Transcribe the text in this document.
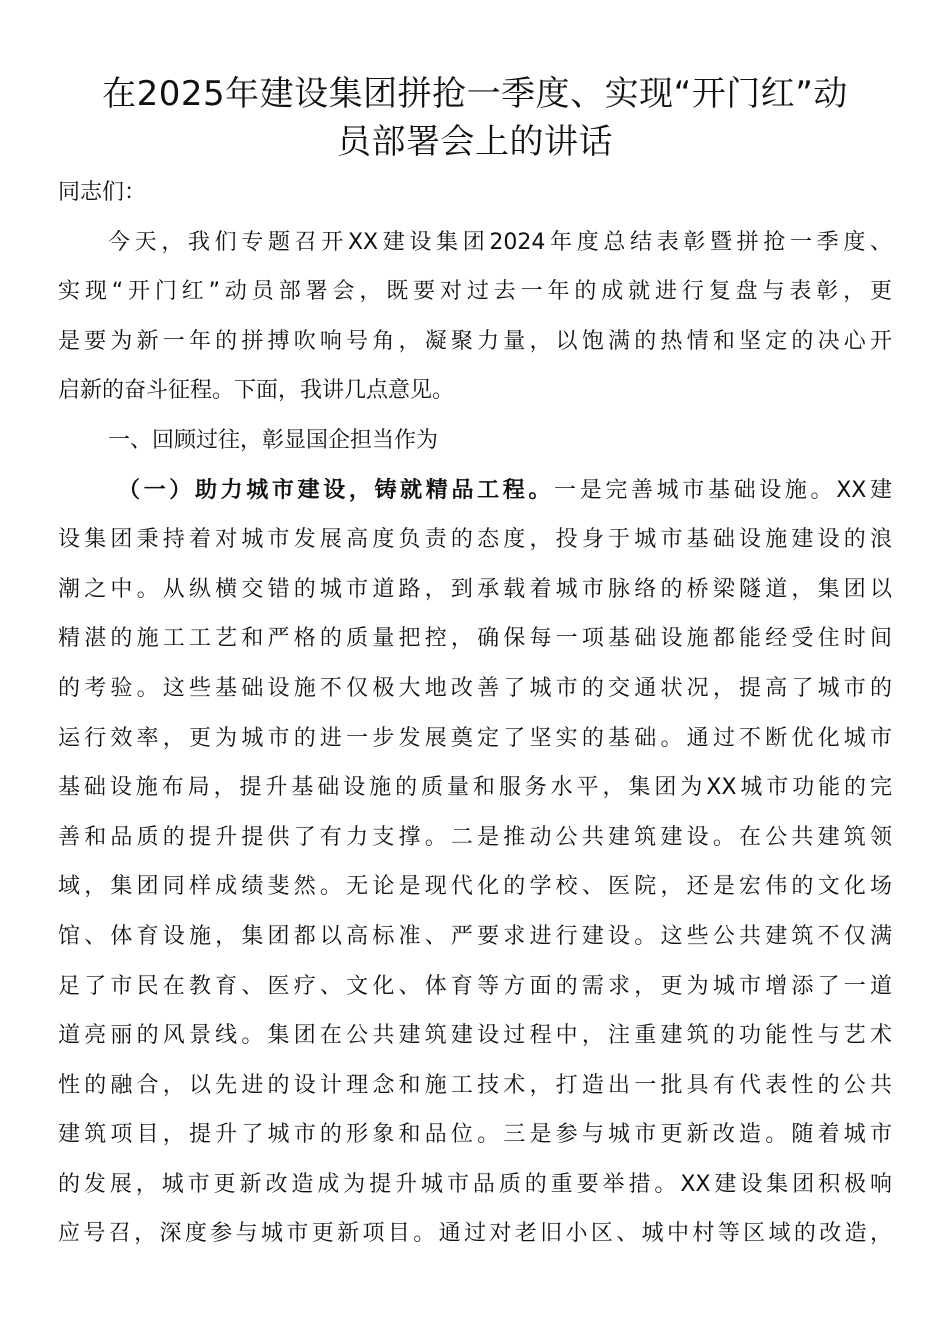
在2025年建设集团拼抢一季度、实现“开门红”动
员部署会上的讲话

同志们：

今天，我们专题召开XX建设集团2024年度总结表彰暨拼抢一季度、

实现“开门红”动员部署会，既要对过去一年的成就进行复盘与表彰，更

是要为新一年的拼搏吹响号角，凝聚力量，以饱满的热情和坚定的决心开

启新的奋斗征程。下面，我讲几点意见。

一、回顾过往，彰显国企担当作为

（一）助力城市建设，铸就精品工程。一是完善城市基础设施。XX建

设集团秉持着对城市发展高度负责的态度，投身于城市基础设施建设的浪

潮之中。从纵横交错的城市道路，到承载着城市脉络的桥梁隧道，集团以

精湛的施工工艺和严格的质量把控，确保每一项基础设施都能经受住时间

的考验。这些基础设施不仅极大地改善了城市的交通状况，提高了城市的

运行效率，更为城市的进一步发展奠定了坚实的基础。通过不断优化城市

基础设施布局，提升基础设施的质量和服务水平，集团为XX城市功能的完

善和品质的提升提供了有力支撑。二是推动公共建筑建设。在公共建筑领

域，集团同样成绩斐然。无论是现代化的学校、医院，还是宏伟的文化场

馆、体育设施，集团都以高标准、严要求进行建设。这些公共建筑不仅满

足了市民在教育、医疗、文化、体育等方面的需求，更为城市增添了一道

道亮丽的风景线。集团在公共建筑建设过程中，注重建筑的功能性与艺术

性的融合，以先进的设计理念和施工技术，打造出一批具有代表性的公共

建筑项目，提升了城市的形象和品位。三是参与城市更新改造。随着城市

的发展，城市更新改造成为提升城市品质的重要举措。XX建设集团积极响

应号召，深度参与城市更新项目。通过对老旧小区、城中村等区域的改造，
